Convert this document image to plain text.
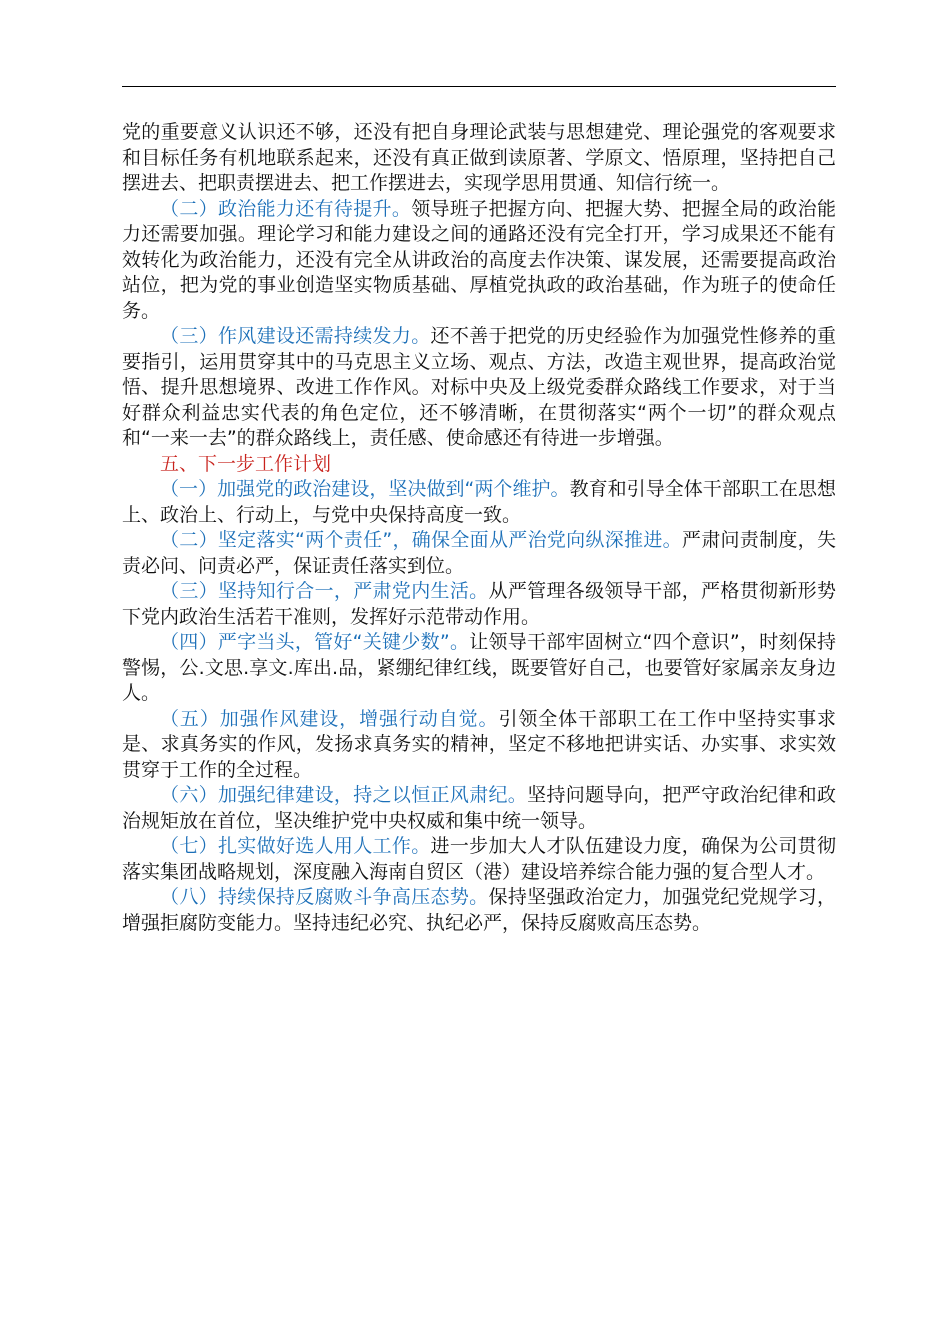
党的重要意义认识还不够，还没有把自身理论武装与思想建党、理论强党的客观要求和目标任务有机地联系起来，还没有真正做到读原著、学原文、悟原理，坚持把自己摆进去、把职责摆进去、把工作摆进去，实现学思用贯通、知信行统一。

（二）政治能力还有待提升。领导班子把握方向、把握大势、把握全局的政治能力还需要加强。理论学习和能力建设之间的通路还没有完全打开，学习成果还不能有效转化为政治能力，还没有完全从讲政治的高度去作决策、谋发展，还需要提高政治站位，把为党的事业创造坚实物质基础、厚植党执政的政治基础，作为班子的使命任务。

（三）作风建设还需持续发力。还不善于把党的历史经验作为加强党性修养的重要指引，运用贯穿其中的马克思主义立场、观点、方法，改造主观世界，提高政治觉悟、提升思想境界、改进工作作风。对标中央及上级党委群众路线工作要求，对于当好群众利益忠实代表的角色定位，还不够清晰，在贯彻落实“两个一切”的群众观点和“一来一去”的群众路线上，责任感、使命感还有待进一步增强。

五、下一步工作计划

（一）加强党的政治建设，坚决做到“两个维护。教育和引导全体干部职工在思想上、政治上、行动上，与党中央保持高度一致。

（二）坚定落实“两个责任”，确保全面从严治党向纵深推进。严肃问责制度，失责必问、问责必严，保证责任落实到位。

（三）坚持知行合一，严肃党内生活。从严管理各级领导干部，严格贯彻新形势下党内政治生活若干准则，发挥好示范带动作用。

（四）严字当头，管好“关键少数”。让领导干部牢固树立“四个意识”，时刻保持警惕，公.文思.享文.库出.品，紧绷纪律红线，既要管好自己，也要管好家属亲友身边人。

（五）加强作风建设，增强行动自觉。引领全体干部职工在工作中坚持实事求是、求真务实的作风，发扬求真务实的精神，坚定不移地把讲实话、办实事、求实效贯穿于工作的全过程。

（六）加强纪律建设，持之以恒正风肃纪。坚持问题导向，把严守政治纪律和政治规矩放在首位，坚决维护党中央权威和集中统一领导。

（七）扎实做好选人用人工作。进一步加大人才队伍建设力度，确保为公司贯彻落实集团战略规划，深度融入海南自贸区（港）建设培养综合能力强的复合型人才。

（八）持续保持反腐败斗争高压态势。保持坚强政治定力，加强党纪党规学习，增强拒腐防变能力。坚持违纪必究、执纪必严，保持反腐败高压态势。
